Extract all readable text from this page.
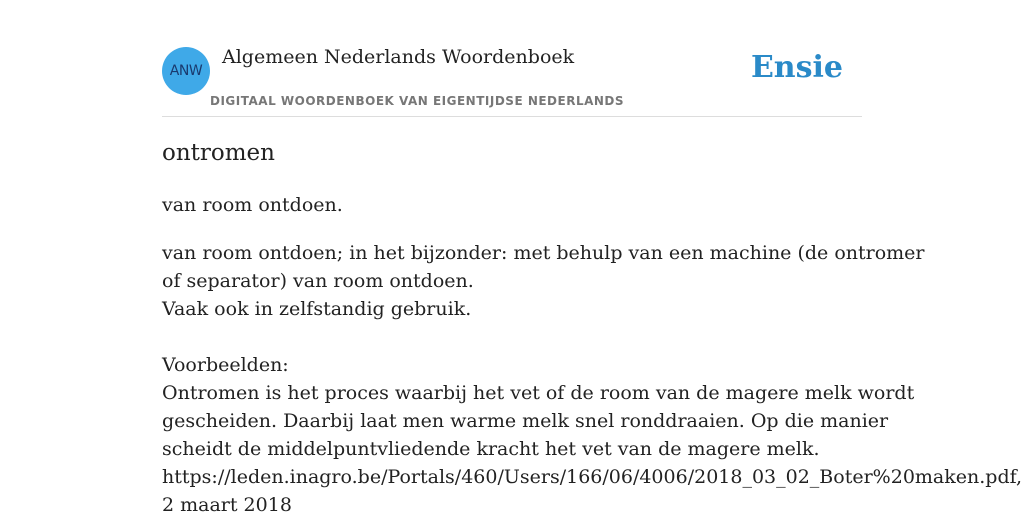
ANW
Algemeen Nederlands Woordenboek
DIGITAAL WOORDENBOEK VAN EIGENTIJDSE NEDERLANDS
Ensie
ontromen
van room ontdoen.
van room ontdoen; in het bijzonder: met behulp van een machine (de ontromer
of separator) van room ontdoen.
Vaak ook in zelfstandig gebruik.
Voorbeelden:
Ontromen is het proces waarbij het vet of de room van de magere melk wordt
gescheiden. Daarbij laat men warme melk snel ronddraaien. Op die manier
scheidt de middelpuntvliedende kracht het vet van de magere melk.
https://leden.inagro.be/Portals/460/Users/166/06/4006/2018_03_02_Boter%20maken.pdf,
2 maart 2018
